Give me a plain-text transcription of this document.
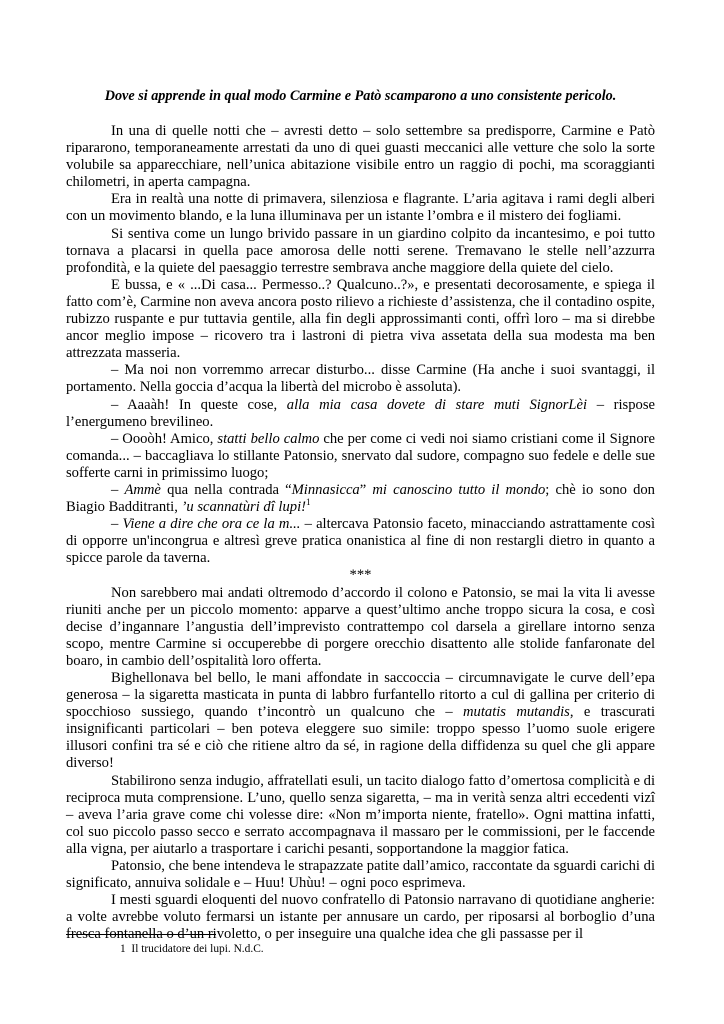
Dove si apprende in qual modo Carmine e Patò scamparono a uno consistente pericolo.

In una di quelle notti che – avresti detto – solo settembre sa predisporre, Carmine e Patò ripararono, temporaneamente arrestati da uno di quei guasti meccanici alle vetture che solo la sorte volubile sa apparecchiare, nell’unica abitazione visibile entro un raggio di pochi, ma scoraggianti chilometri, in aperta campagna.

Era in realtà una notte di primavera, silenziosa e flagrante. L’aria agitava i rami degli alberi con un movimento blando, e la luna illuminava per un istante l’ombra e il mistero dei fogliami.

Si sentiva come un lungo brivido passare in un giardino colpito da incantesimo, e poi tutto tornava a placarsi in quella pace amorosa delle notti serene. Tremavano le stelle nell’azzurra profondità, e la quiete del paesaggio terrestre sembrava anche maggiore della quiete del cielo.

E bussa, e « ...Di casa... Permesso..? Qualcuno..?», e presentati decorosamente, e spiega il fatto com’è, Carmine non aveva ancora posto rilievo a richieste d’assistenza, che il contadino ospite, rubizzo ruspante e pur tuttavia gentile, alla fin degli approssimanti conti, offrì loro – ma si direbbe ancor meglio impose – ricovero tra i lastroni di pietra viva assetata della sua modesta ma ben attrezzata masseria.

– Ma noi non vorremmo arrecar disturbo... disse Carmine (Ha anche i suoi svantaggi, il portamento. Nella goccia d’acqua la libertà del microbo è assoluta).

– Aaaàh! In queste cose, alla mia casa dovete di stare muti SignorLèi – rispose l’energumeno brevilineo.

– Oooòh! Amico, statti bello calmo che per come ci vedi noi siamo cristiani come il Signore comanda... – baccagliava lo stillante Patonsio, snervato dal sudore, compagno suo fedele e delle sue sofferte carni in primissimo luogo;

– Ammè qua nella contrada “Minnasicca” mi canoscino tutto il mondo; chè io sono don Biagio Badditranti, ’u scannatùri dî lupi!$^1$

– Viene a dire che ora ce la m... – altercava Patonsio faceto, minacciando astrattamente così di opporre un'incongrua e altresì greve pratica onanistica al fine di non restargli dietro in quanto a spicce parole da taverna.

***

Non sarebbero mai andati oltremodo d’accordo il colono e Patonsio, se mai la vita li avesse riuniti anche per un piccolo momento: apparve a quest’ultimo anche troppo sicura la cosa, e così decise d’ingannare l’angustia dell’imprevisto contrattempo col darsela a girellare intorno senza scopo, mentre Carmine si occuperebbe di porgere orecchio disattento alle stolide fanfaronate del boaro, in cambio dell’ospitalità loro offerta.

Bighellonava bel bello, le mani affondate in saccoccia – circumnavigate le curve dell’epa generosa – la sigaretta masticata in punta di labbro furfantello ritorto a cul di gallina per criterio di spocchioso sussiego, quando t’incontrò un qualcuno che – mutatis mutandis, e trascurati insignificanti particolari – ben poteva eleggere suo simile: troppo spesso l’uomo suole erigere illusori confini tra sé e ciò che ritiene altro da sé, in ragione della diffidenza su quel che gli appare diverso!

Stabilirono senza indugio, affratellati esuli, un tacito dialogo fatto d’omertosa complicità e di reciproca muta comprensione. L’uno, quello senza sigaretta, – ma in verità senza altri eccedenti vizî – aveva l’aria grave come chi volesse dire: «Non m’importa niente, fratello». Ogni mattina infatti, col suo piccolo passo secco e serrato accompagnava il massaro per le commissioni, per le faccende alla vigna, per aiutarlo a trasportare i carichi pesanti, sopportandone la maggior fatica.

Patonsio, che bene intendeva le strapazzate patite dall’amico, raccontate da sguardi carichi di significato, annuiva solidale e – Huu! Uhùu! – ogni poco esprimeva.

I mesti sguardi eloquenti del nuovo confratello di Patonsio narravano di quotidiane angherie: a volte avrebbe voluto fermarsi un istante per annusare un cardo, per riposarsi al borboglio d’una fresca fontanella o d’un rivoletto, o per inseguire una qualche idea che gli passasse per il

1 Il trucidatore dei lupi. N.d.C.
